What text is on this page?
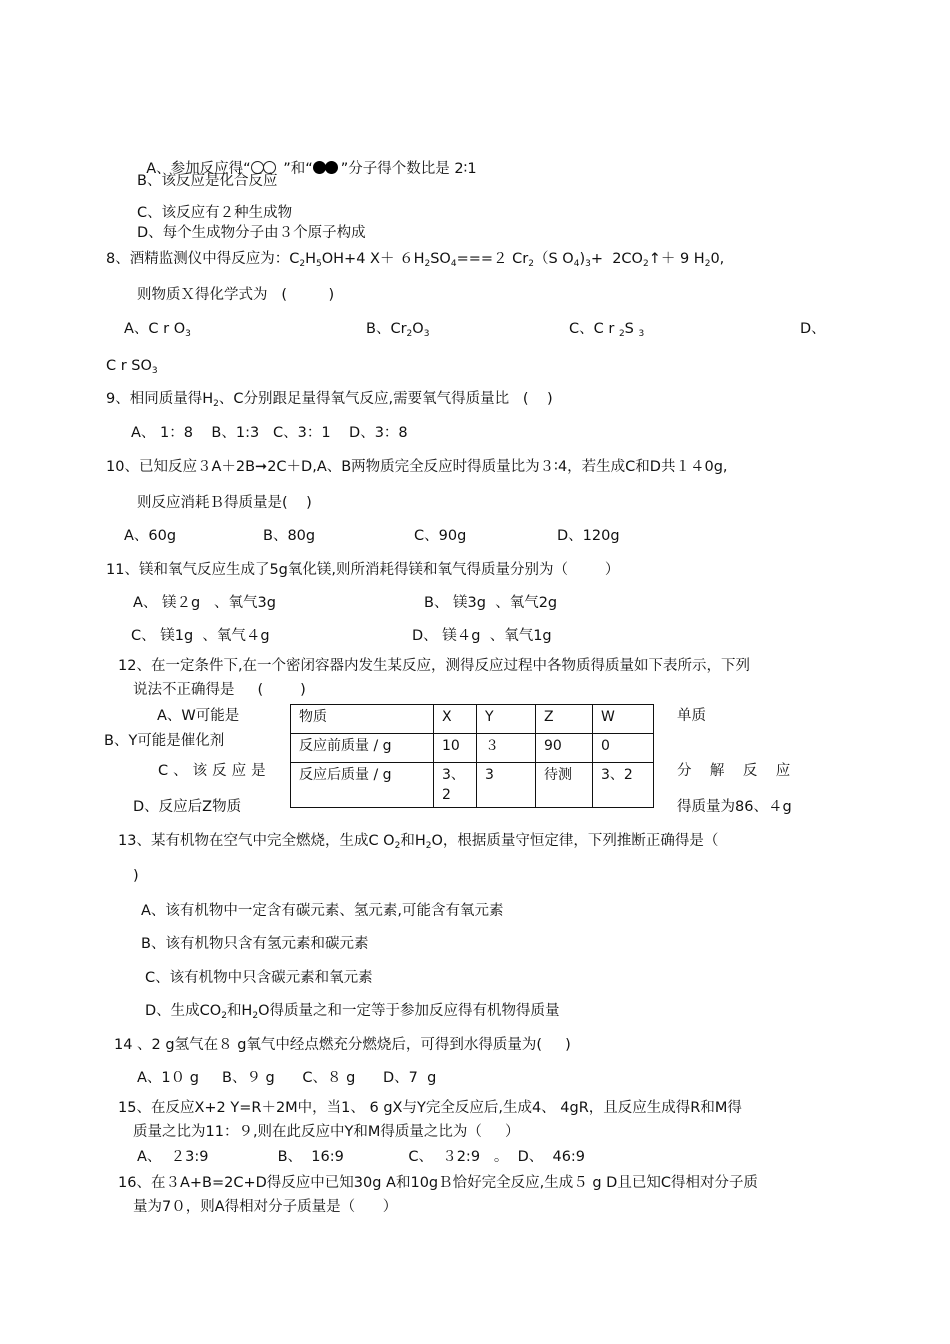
A、参加反应得“
”和“ ”分子得个数比是 2∶1

B、该反应是化合反应
C、该反应有２种生成物
D、每个生成物分子由３个原子构成
8、酒精监测仪中得反应为：$C_2H_5OH+4$ $X+ 6H_2SO_4===2$ $Cr_2(S$ $O_4)_3+$  $2CO_2↑+ 9$ $H_20$,
则物质Ｘ得化学式为   (         )
A、C r $O_3$	B、$Cr_2O_3$	C、C r $_2$S $_3$	D、
C r $SO_3$
9、相同质量得$H_2$、C分别跟足量得氧气反应,需要氧气得质量比   (    )
A、 1：8    B、1:3   C、3：1    D、3：8
10、已知反应３A＋2B➞2C＋D,A、B两物质完全反应时得质量比为３∶4，若生成C和D共１４0g,
则反应消耗Ｂ得质量是(    )
A、60g	B、80g	C、90g	D、120g
11、镁和氧气反应生成了5g氧化镁,则所消耗得镁和氧气得质量分别为（        ）
A、 镁２g   、氧气3g	B、 镁3g  、氧气2g
C、 镁1g  、氧气４g	D、 镁４g  、氧气1g
12、在一定条件下,在一个密闭容器内发生某反应，测得反应过程中各物质得质量如下表所示，下列
说法不正确得是     (        )
A、W可能是	单质
B、Y可能是催化剂
C、该反应是	分    解    反    应
D、反应后Z物质	得质量为86、４g
物质	X	Y	Z	W
反应前质量 / g	10	３	90	0
反应后质量 / g	3、2	3	待测	3、2
13、某有机物在空气中完全燃烧，生成C $O_2$和$H_2O$，根据质量守恒定律，下列推断正确得是（
)
A、该有机物中一定含有碳元素、氢元素,可能含有氧元素
B、该有机物只含有氢元素和碳元素
C、该有机物中只含碳元素和氧元素
D、生成$CO_2$和$H_2O$得质量之和一定等于参加反应得有机物得质量
14 、2 g氢气在８ g氧气中经点燃充分燃烧后，可得到水得质量为(     )
A、1０ g     B、９ g      C、８ g      D、7  g
15、在反应X+2 Y=R＋2M中，当1、 6 gX与Y完全反应后,生成4、 4gR，且反应生成得R和M得
质量之比为11：９,则在此反应中Y和M得质量之比为（     ）
A、  ２3:9               B、  16:9              C、  ３2:9   。  D、  46:9
16、在３A+B=2C+D得反应中已知30g A和10gＢ恰好完全反应,生成５ g D且已知C得相对分子质
量为7０，则A得相对分子质量是（      ）
